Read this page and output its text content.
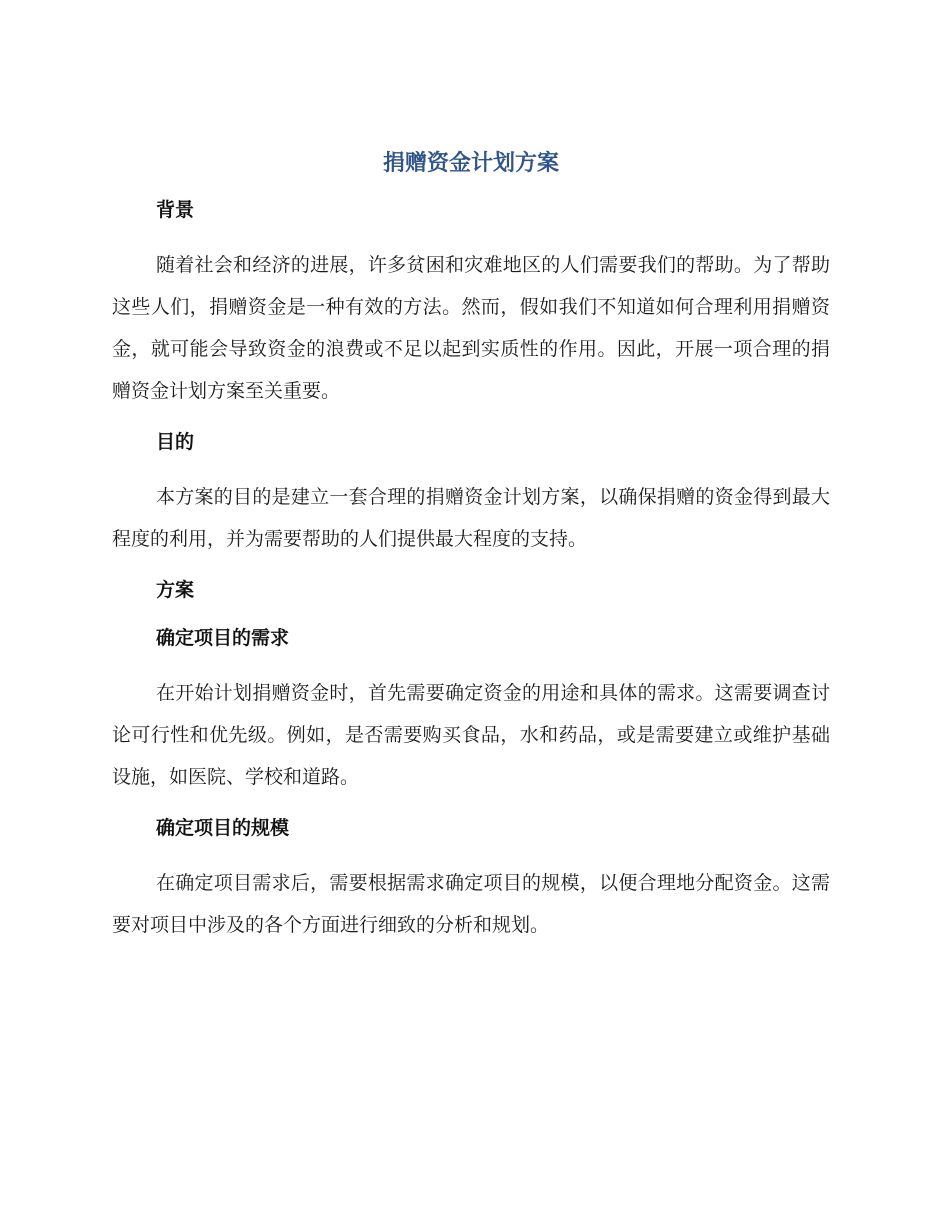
捐赠资金计划方案
背景

随着社会和经济的进展，许多贫困和灾难地区的人们需要我们的帮助。为了帮助这些人们，捐赠资金是一种有效的方法。然而，假如我们不知道如何合理利用捐赠资金，就可能会导致资金的浪费或不足以起到实质性的作用。因此，开展一项合理的捐赠资金计划方案至关重要。

目的

本方案的目的是建立一套合理的捐赠资金计划方案，以确保捐赠的资金得到最大程度的利用，并为需要帮助的人们提供最大程度的支持。

方案
确定项目的需求

在开始计划捐赠资金时，首先需要确定资金的用途和具体的需求。这需要调查讨论可行性和优先级。例如，是否需要购买食品，水和药品，或是需要建立或维护基础设施，如医院、学校和道路。

确定项目的规模

在确定项目需求后，需要根据需求确定项目的规模，以便合理地分配资金。这需要对项目中涉及的各个方面进行细致的分析和规划。
